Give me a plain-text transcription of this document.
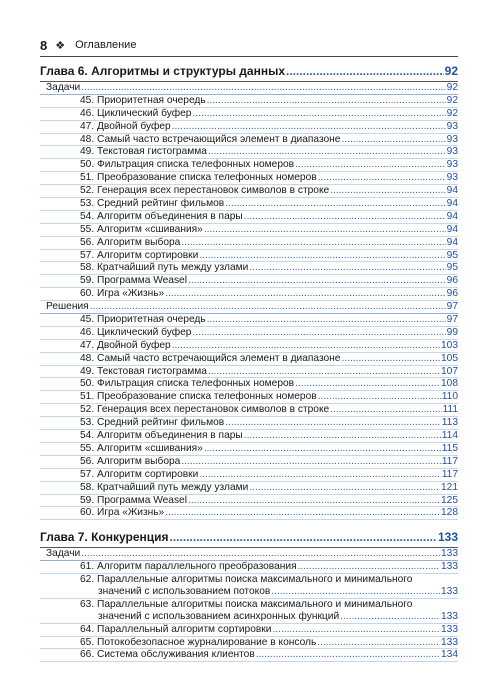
8 ❖ Оглавление
Глава 6. Алгоритмы и структуры данных .....	92
Задачи .....	92
45. Приоритетная очередь .....	92
46. Циклический буфер .....	92
47. Двойной буфер .....	93
48. Самый часто встречающийся элемент в диапазоне .....	93
49. Текстовая гистограмма .....	93
50. Фильтрация списка телефонных номеров .....	93
51. Преобразование списка телефонных номеров .....	93
52. Генерация всех перестановок символов в строке .....	94
53. Средний рейтинг фильмов .....	94
54. Алгоритм объединения в пары .....	94
55. Алгоритм «сшивания» .....	94
56. Алгоритм выбора .....	94
57. Алгоритм сортировки .....	95
58. Кратчайший путь между узлами .....	95
59. Программа Weasel .....	96
60. Игра «Жизнь» .....	96
Решения .....	97
45. Приоритетная очередь .....	97
46. Циклический буфер .....	99
47. Двойной буфер .....	103
48. Самый часто встречающийся элемент в диапазоне .....	105
49. Текстовая гистограмма .....	107
50. Фильтрация списка телефонных номеров .....	108
51. Преобразование списка телефонных номеров .....	110
52. Генерация всех перестановок символов в строке .....	111
53. Средний рейтинг фильмов .....	113
54. Алгоритм объединения в пары .....	114
55. Алгоритм «сшивания» .....	115
56. Алгоритм выбора .....	117
57. Алгоритм сортировки .....	117
58. Кратчайший путь между узлами .....	121
59. Программа Weasel .....	125
60. Игра «Жизнь» .....	128
Глава 7. Конкуренция .....	133
Задачи .....	133
61. Алгоритм параллельного преобразования .....	133
62. Параллельные алгоритмы поиска максимального и минимального
значений с использованием потоков .....	133
63. Параллельные алгоритмы поиска максимального и минимального
значений с использованием асинхронных функций .....	133
64. Параллельный алгоритм сортировки .....	133
65. Потокобезопасное журналирование в консоль .....	133
66. Система обслуживания клиентов .....	134
